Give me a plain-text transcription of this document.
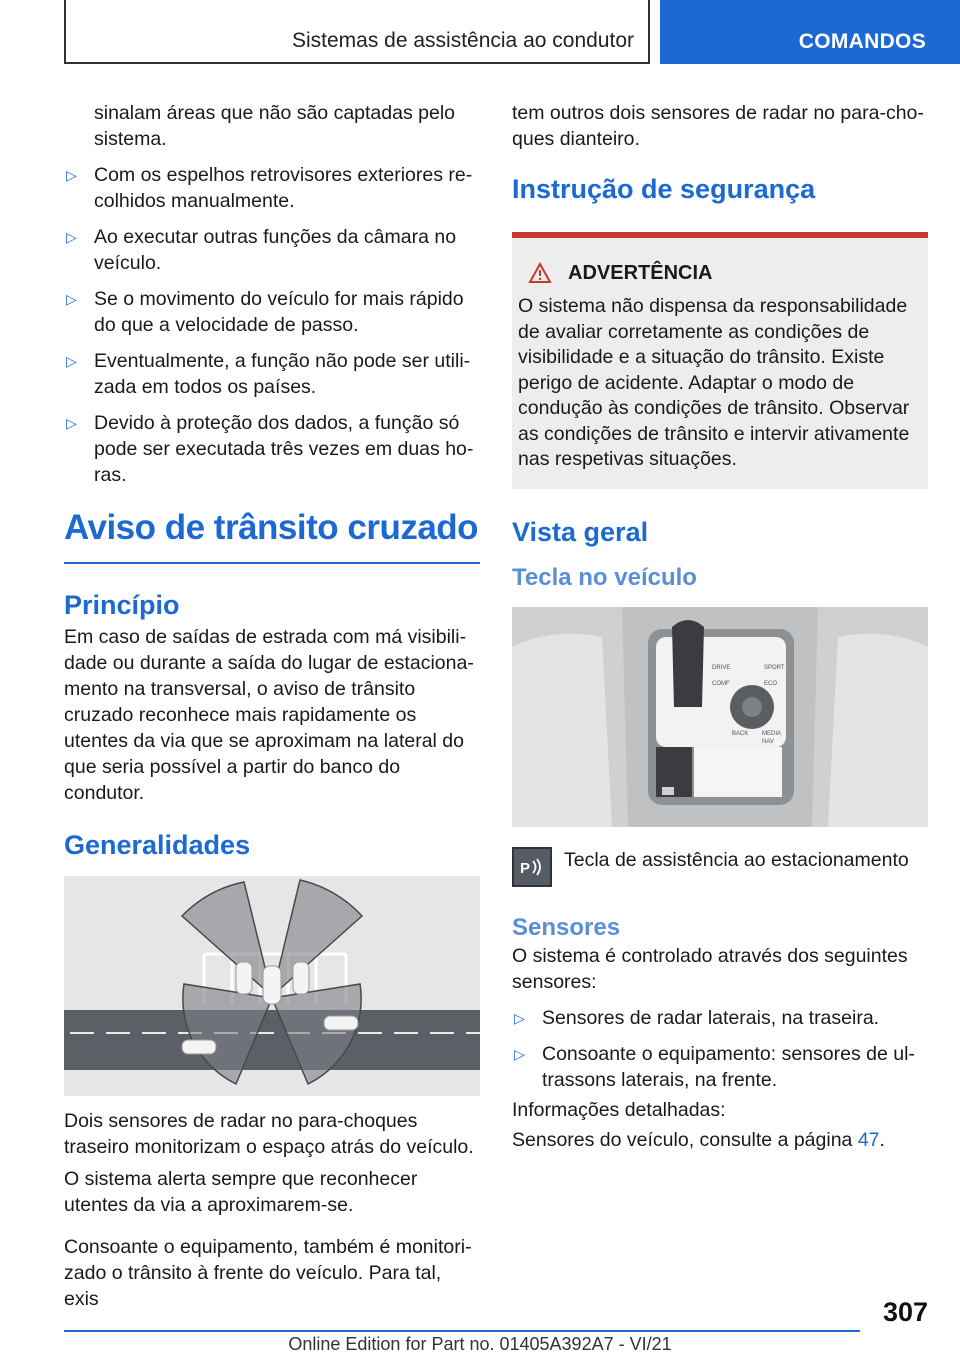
Sistemas de assistência ao condutor	COMANDOS

sinalam áreas que não são captadas pelo sistema.

▷ Com os espelhos retrovisores exteriores recolhidos manualmente.
▷ Ao executar outras funções da câmara no veículo.
▷ Se o movimento do veículo for mais rápido do que a velocidade de passo.
▷ Eventualmente, a função não pode ser utilizada em todos os países.
▷ Devido à proteção dos dados, a função só pode ser executada três vezes em duas horas.
Aviso de trânsito cruzado
Princípio

Em caso de saídas de estrada com má visibilidade ou durante a saída do lugar de estacionamento na transversal, o aviso de trânsito cruzado reconhece mais rapidamente os utentes da via que se aproximam na lateral do que seria possível a partir do banco do condutor.

Generalidades

Dois sensores de radar no para-choques traseiro monitorizam o espaço atrás do veículo.

O sistema alerta sempre que reconhecer utentes da via a aproximarem-se.

Consoante o equipamento, também é monitorizado o trânsito à frente do veículo. Para tal, exis

tem outros dois sensores de radar no para-choques dianteiro.

Instrução de segurança
ADVERTÊNCIA

O sistema não dispensa da responsabilidade de avaliar corretamente as condições de visibilidade e a situação do trânsito. Existe perigo de acidente. Adaptar o modo de condução às condições de trânsito. Observar as condições de trânsito e intervir ativamente nas respetivas situações.

Vista geral
Tecla no veículo
DRIVE	SPORT
COMF	ECO
BACK MEDIA
NAV
P Tecla de assistência ao estacionamento

Sensores

O sistema é controlado através dos seguintes sensores:

▷ Sensores de radar laterais, na traseira.
▷ Consoante o equipamento: sensores de ultrassons laterais, na frente.

Informações detalhadas:

Sensores do veículo, consulte a página 47.

307
Online Edition for Part no. 01405A392A7 - VI/21
